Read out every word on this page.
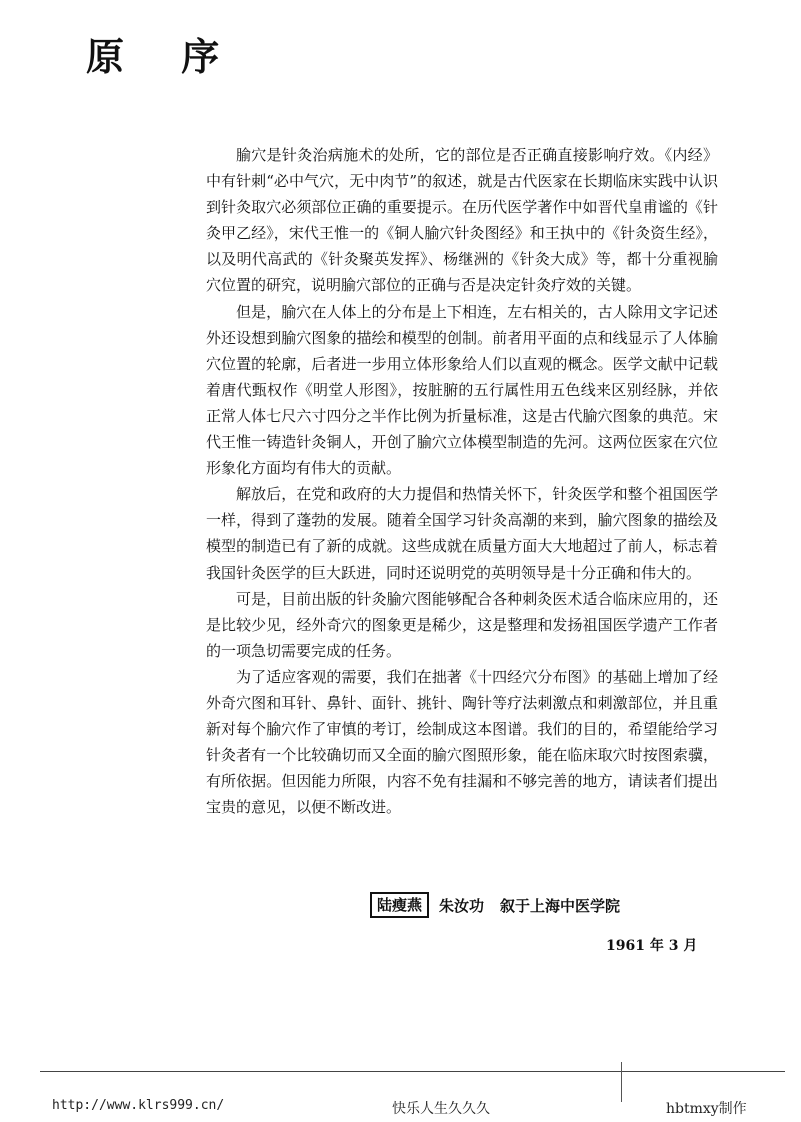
原 序

腧穴是针灸治病施术的处所，它的部位是否正确直接影响疗效。《内经》中有针刺“必中气穴，无中肉节”的叙述，就是古代医家在长期临床实践中认识到针灸取穴必须部位正确的重要提示。在历代医学著作中如晋代皇甫谧的《针灸甲乙经》，宋代王惟一的《铜人腧穴针灸图经》和王执中的《针灸资生经》，以及明代高武的《针灸聚英发挥》、杨继洲的《针灸大成》等，都十分重视腧穴位置的研究，说明腧穴部位的正确与否是决定针灸疗效的关键。

但是，腧穴在人体上的分布是上下相连，左右相关的，古人除用文字记述外还设想到腧穴图象的描绘和模型的创制。前者用平面的点和线显示了人体腧穴位置的轮廓，后者进一步用立体形象给人们以直观的概念。医学文献中记载着唐代甄权作《明堂人形图》，按脏腑的五行属性用五色线来区别经脉，并依正常人体七尺六寸四分之半作比例为折量标准，这是古代腧穴图象的典范。宋代王惟一铸造针灸铜人，开创了腧穴立体模型制造的先河。这两位医家在穴位形象化方面均有伟大的贡献。

解放后，在党和政府的大力提倡和热情关怀下，针灸医学和整个祖国医学一样，得到了蓬勃的发展。随着全国学习针灸高潮的来到，腧穴图象的描绘及模型的制造已有了新的成就。这些成就在质量方面大大地超过了前人，标志着我国针灸医学的巨大跃进，同时还说明党的英明领导是十分正确和伟大的。

可是，目前出版的针灸腧穴图能够配合各种刺灸医术适合临床应用的，还是比较少见，经外奇穴的图象更是稀少，这是整理和发扬祖国医学遗产工作者的一项急切需要完成的任务。

为了适应客观的需要，我们在拙著《十四经穴分布图》的基础上增加了经外奇穴图和耳针、鼻针、面针、挑针、陶针等疗法刺激点和刺激部位，并且重新对每个腧穴作了审慎的考订，绘制成这本图谱。我们的目的，希望能给学习针灸者有一个比较确切而又全面的腧穴图照形象，能在临床取穴时按图索骥，有所依据。但因能力所限，内容不免有挂漏和不够完善的地方，请读者们提出宝贵的意见，以便不断改进。

陆瘦燕	朱汝功 叙于上海中医学院
1961 年 3 月
http://www.klrs999.cn/	快乐人生久久久	hbtmxy制作
